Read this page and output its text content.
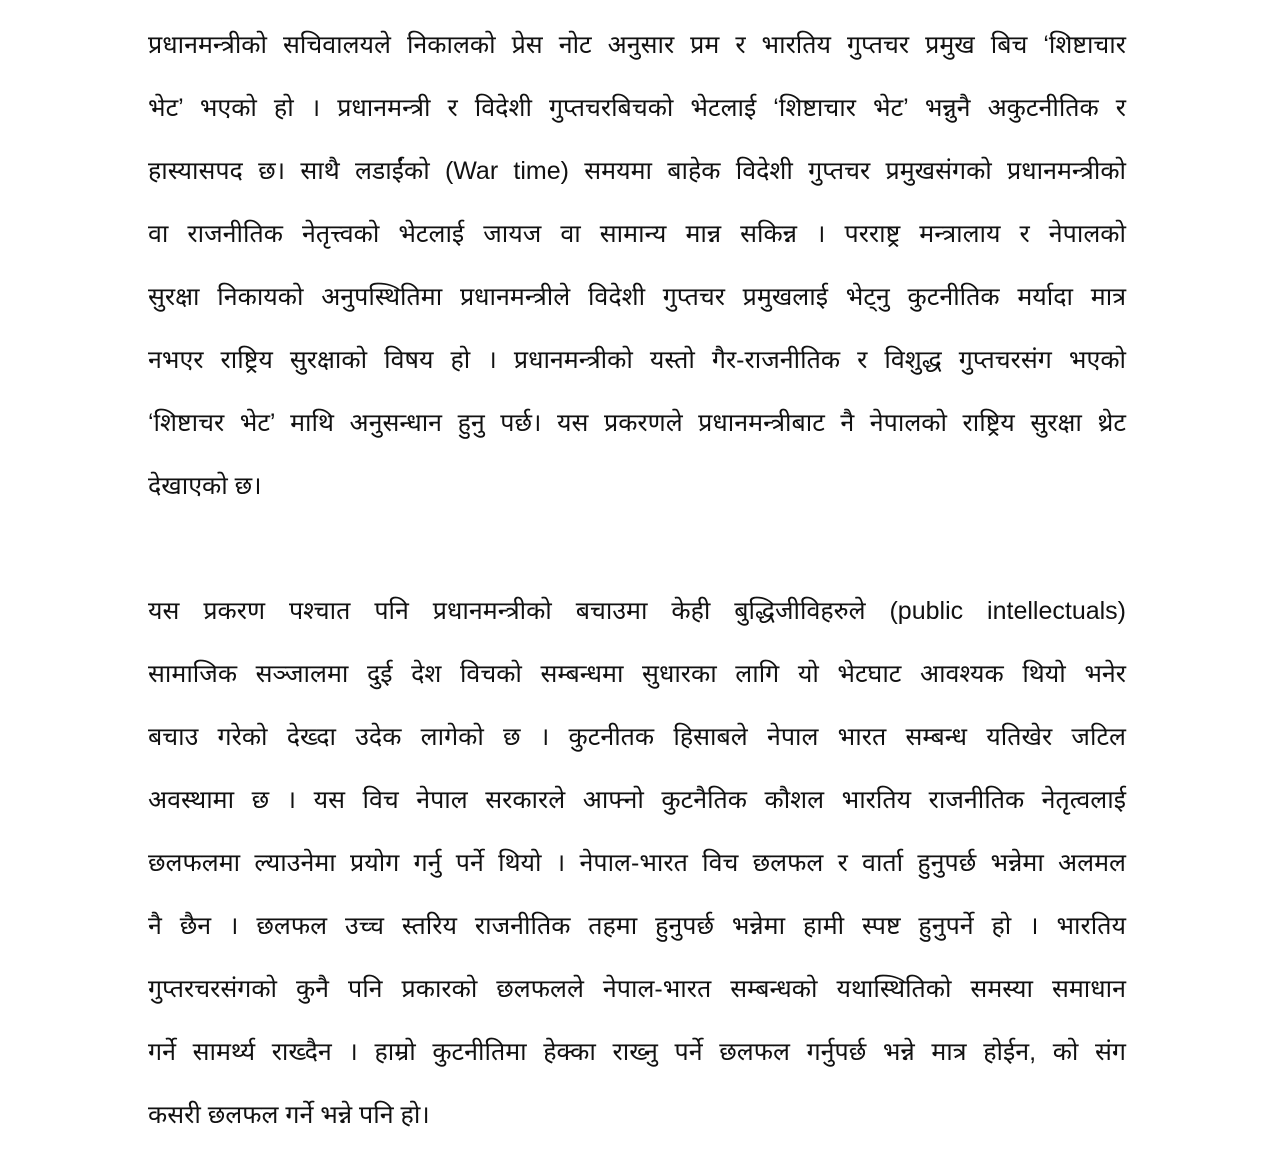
प्रधानमन्त्रीको सचिवालयले निकालको प्रेस नोट अनुसार प्रम र भारतिय गुप्तचर प्रमुख बिच ‘शिष्टाचार
भेट’ भएको हो । प्रधानमन्त्री र विदेशी गुप्तचरबिचको भेटलाई ‘शिष्टाचार भेट’ भन्नुनै अकुटनीतिक र
हास्यासपद छ। साथै लडाईंको (War time) समयमा बाहेक विदेशी गुप्तचर प्रमुखसंगको प्रधानमन्त्रीको
वा राजनीतिक नेतृत्त्वको भेटलाई जायज वा सामान्य मान्न सकिन्न । परराष्ट्र मन्त्रालाय र नेपालको
सुरक्षा निकायको अनुपस्थितिमा प्रधानमन्त्रीले विदेशी गुप्तचर प्रमुखलाई भेट्नु कुटनीतिक मर्यादा मात्र
नभएर राष्ट्रिय सुरक्षाको विषय हो । प्रधानमन्त्रीको यस्तो गैर-राजनीतिक र विशुद्ध गुप्तचरसंग भएको
‘शिष्टाचर भेट’ माथि अनुसन्धान हुनु पर्छ। यस प्रकरणले प्रधानमन्त्रीबाट नै नेपालको राष्ट्रिय सुरक्षा थ्रेट
देखाएको छ।

यस प्रकरण पश्चात पनि प्रधानमन्त्रीको बचाउमा केही बुद्धिजीविहरुले (public intellectuals)
सामाजिक सञ्जालमा दुई देश विचको सम्बन्धमा सुधारका लागि यो भेटघाट आवश्यक थियो भनेर
बचाउ गरेको देख्दा उदेक लागेको छ । कुटनीतक हिसाबले नेपाल भारत सम्बन्ध यतिखेर जटिल
अवस्थामा छ । यस विच नेपाल सरकारले आफ्नो कुटनैतिक कौशल भारतिय राजनीतिक नेतृत्वलाई
छलफलमा ल्याउनेमा प्रयोग गर्नु पर्ने थियो । नेपाल-भारत विच छलफल र वार्ता हुनुपर्छ भन्नेमा अलमल
नै छैन । छलफल उच्च स्तरिय राजनीतिक तहमा हुनुपर्छ भन्नेमा हामी स्पष्ट हुनुपर्ने हो । भारतिय
गुप्तरचरसंगको कुनै पनि प्रकारको छलफलले नेपाल-भारत सम्बन्धको यथास्थितिको समस्या समाधान
गर्ने सामर्थ्य राख्दैन । हाम्रो कुटनीतिमा हेक्का राख्नु पर्ने छलफल गर्नुपर्छ भन्ने मात्र होईन, को संग
कसरी छलफल गर्ने भन्ने पनि हो।
